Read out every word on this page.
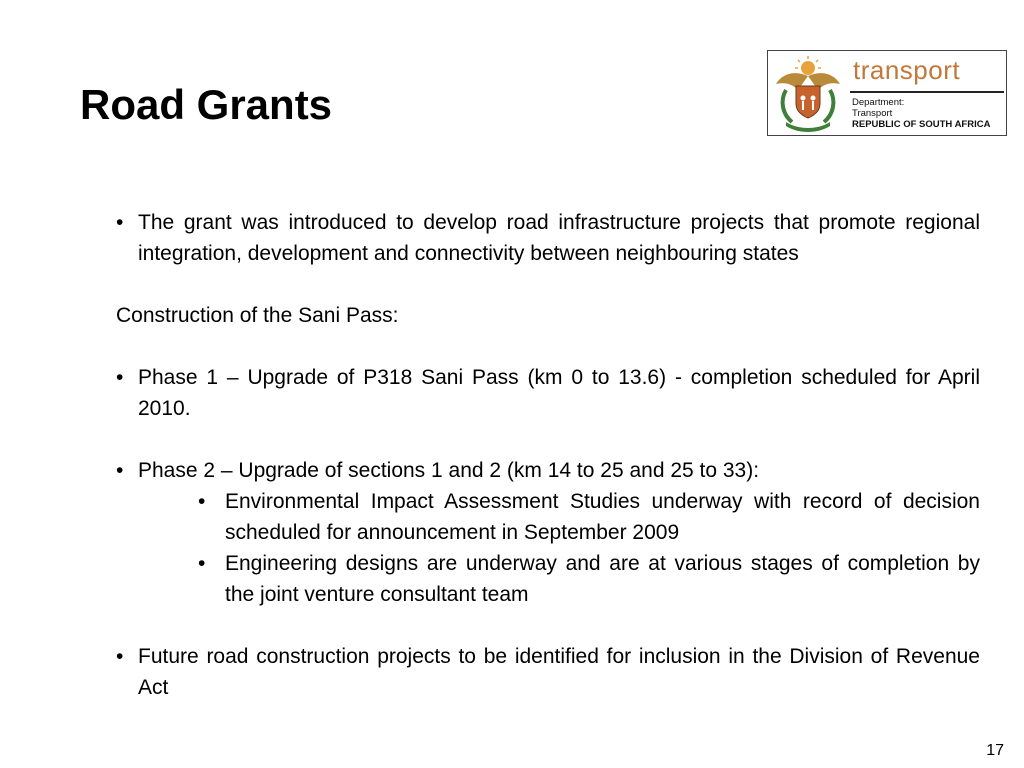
Road Grants
transport
Department:
Transport
REPUBLIC OF SOUTH AFRICA
• The grant was introduced to develop road infrastructure projects that promote regional integration, development and connectivity between neighbouring states
Construction of the Sani Pass:
• Phase 1 – Upgrade of P318 Sani Pass (km 0 to 13.6) - completion scheduled for April 2010.
• Phase 2 – Upgrade of sections 1 and 2 (km 14 to 25 and 25 to 33):
• Environmental Impact Assessment Studies underway with record of decision scheduled for announcement in September 2009
• Engineering designs are underway and are at various stages of completion by the joint venture consultant team
• Future road construction projects to be identified for inclusion in the Division of Revenue Act
17
